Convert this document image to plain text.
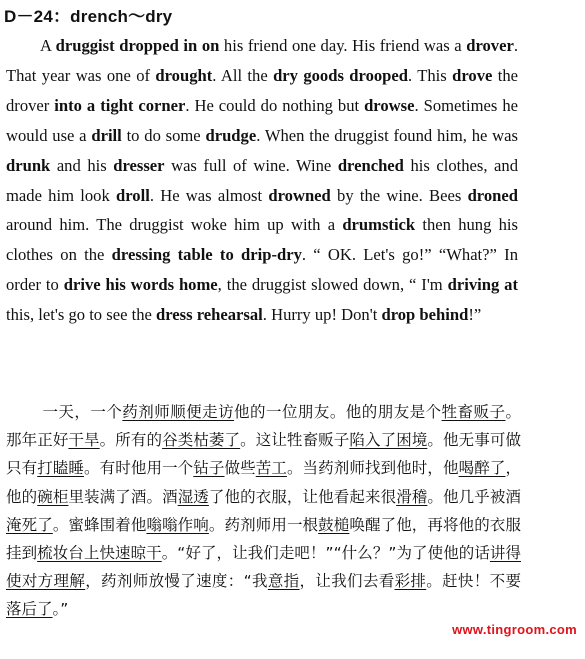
D－24：drench～dry
A druggist dropped in on his friend one day. His friend was a drover. That year was one of drought. All the dry goods drooped. This drove the drover into a tight corner. He could do nothing but drowse. Sometimes he would use a drill to do some drudge. When the druggist found him, he was drunk and his dresser was full of wine. Wine drenched his clothes, and made him look droll. He was almost drowned by the wine. Bees droned around him. The druggist woke him up with a drumstick then hung his clothes on the dressing table to drip-dry. “ OK. Let's go!” “What?” In order to drive his words home, the druggist slowed down, “ I'm driving at this, let's go to see the dress rehearsal. Hurry up! Don't drop behind!”
一天，一个药剂师顺便走访他的一位朋友。他的朋友是个牲畜贩子。那年正好干旱。所有的谷类枯萎了。这让牲畜贩子陷入了困境。他无事可做只有打瞌睡。有时他用一个钻子做些苦工。当药剂师找到他时，他喝醉了，他的碗柜里装满了酒。酒湿透了他的衣服，让他看起来很滑稽。他几乎被酒淹死了。蜜蜂围着他嗡嗡作响。药剂师用一根鼓槌唤醒了他，再将他的衣服挂到梳妆台上快速晾干。“好了，让我们走吧！”“什么？”为了使他的话讲得使对方理解，药剂师放慢了速度：“我意指，让我们去看彩排。赶快！不要落后了。”
www.tingroom.com
